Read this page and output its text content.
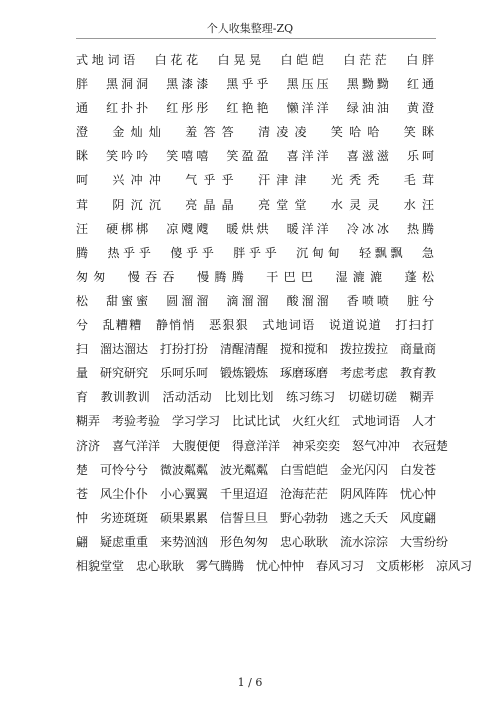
个人收集整理-ZQ
式地词语　白花花　白晃晃　白皑皑　白茫茫　白胖
胖　黑洞洞　黑漆漆　黑乎乎　黑压压　黑黝黝　红通
通　红扑扑　红彤彤　红艳艳　懒洋洋　绿油油　黄澄
澄　金灿灿　羞答答　清凌凌　笑哈哈　笑眯
眯　笑吟吟　笑嘻嘻　笑盈盈　喜洋洋　喜滋滋　乐呵
呵　兴冲冲　气乎乎　汗津津　光秃秃　毛茸
茸　阴沉沉　亮晶晶　亮堂堂　水灵灵　水汪
汪　硬梆梆　凉飕飕　暖烘烘　暖洋洋　冷冰冰　热腾
腾　热乎乎　傻乎乎　胖乎乎　沉甸甸　轻飘飘　急
匆匆　慢吞吞　慢腾腾　干巴巴　湿漉漉　蓬松
松　甜蜜蜜　圆溜溜　滴溜溜　酸溜溜　香喷喷　脏兮
兮　乱糟糟　静悄悄　恶狠狠　式地词语　说道说道　打扫打
扫　溜达溜达　打扮打扮　清醒清醒　搅和搅和　拨拉拨拉　商量商
量　研究研究　乐呵乐呵　锻炼锻炼　琢磨琢磨　考虑考虑　教育教
育　教训教训　活动活动　比划比划　练习练习　切磋切磋　糊弄
糊弄　考验考验　学习学习　比试比试　火红火红　式地词语　人才
济济　喜气洋洋　大腹便便　得意洋洋　神采奕奕　怒气冲冲　衣冠楚
楚　可怜兮兮　微波粼粼　波光粼粼　白雪皑皑　金光闪闪　白发苍
苍　风尘仆仆　小心翼翼　千里迢迢　沧海茫茫　阴风阵阵　忧心忡
忡　劣迹斑斑　硕果累累　信誓旦旦　野心勃勃　逃之夭夭　风度翩
翩　疑虑重重　来势汹汹　形色匆匆　忠心耿耿　流水淙淙　大雪纷纷
相貌堂堂　忠心耿耿　雾气腾腾　忧心忡忡　春风习习　文质彬彬　凉风习
1 / 6
